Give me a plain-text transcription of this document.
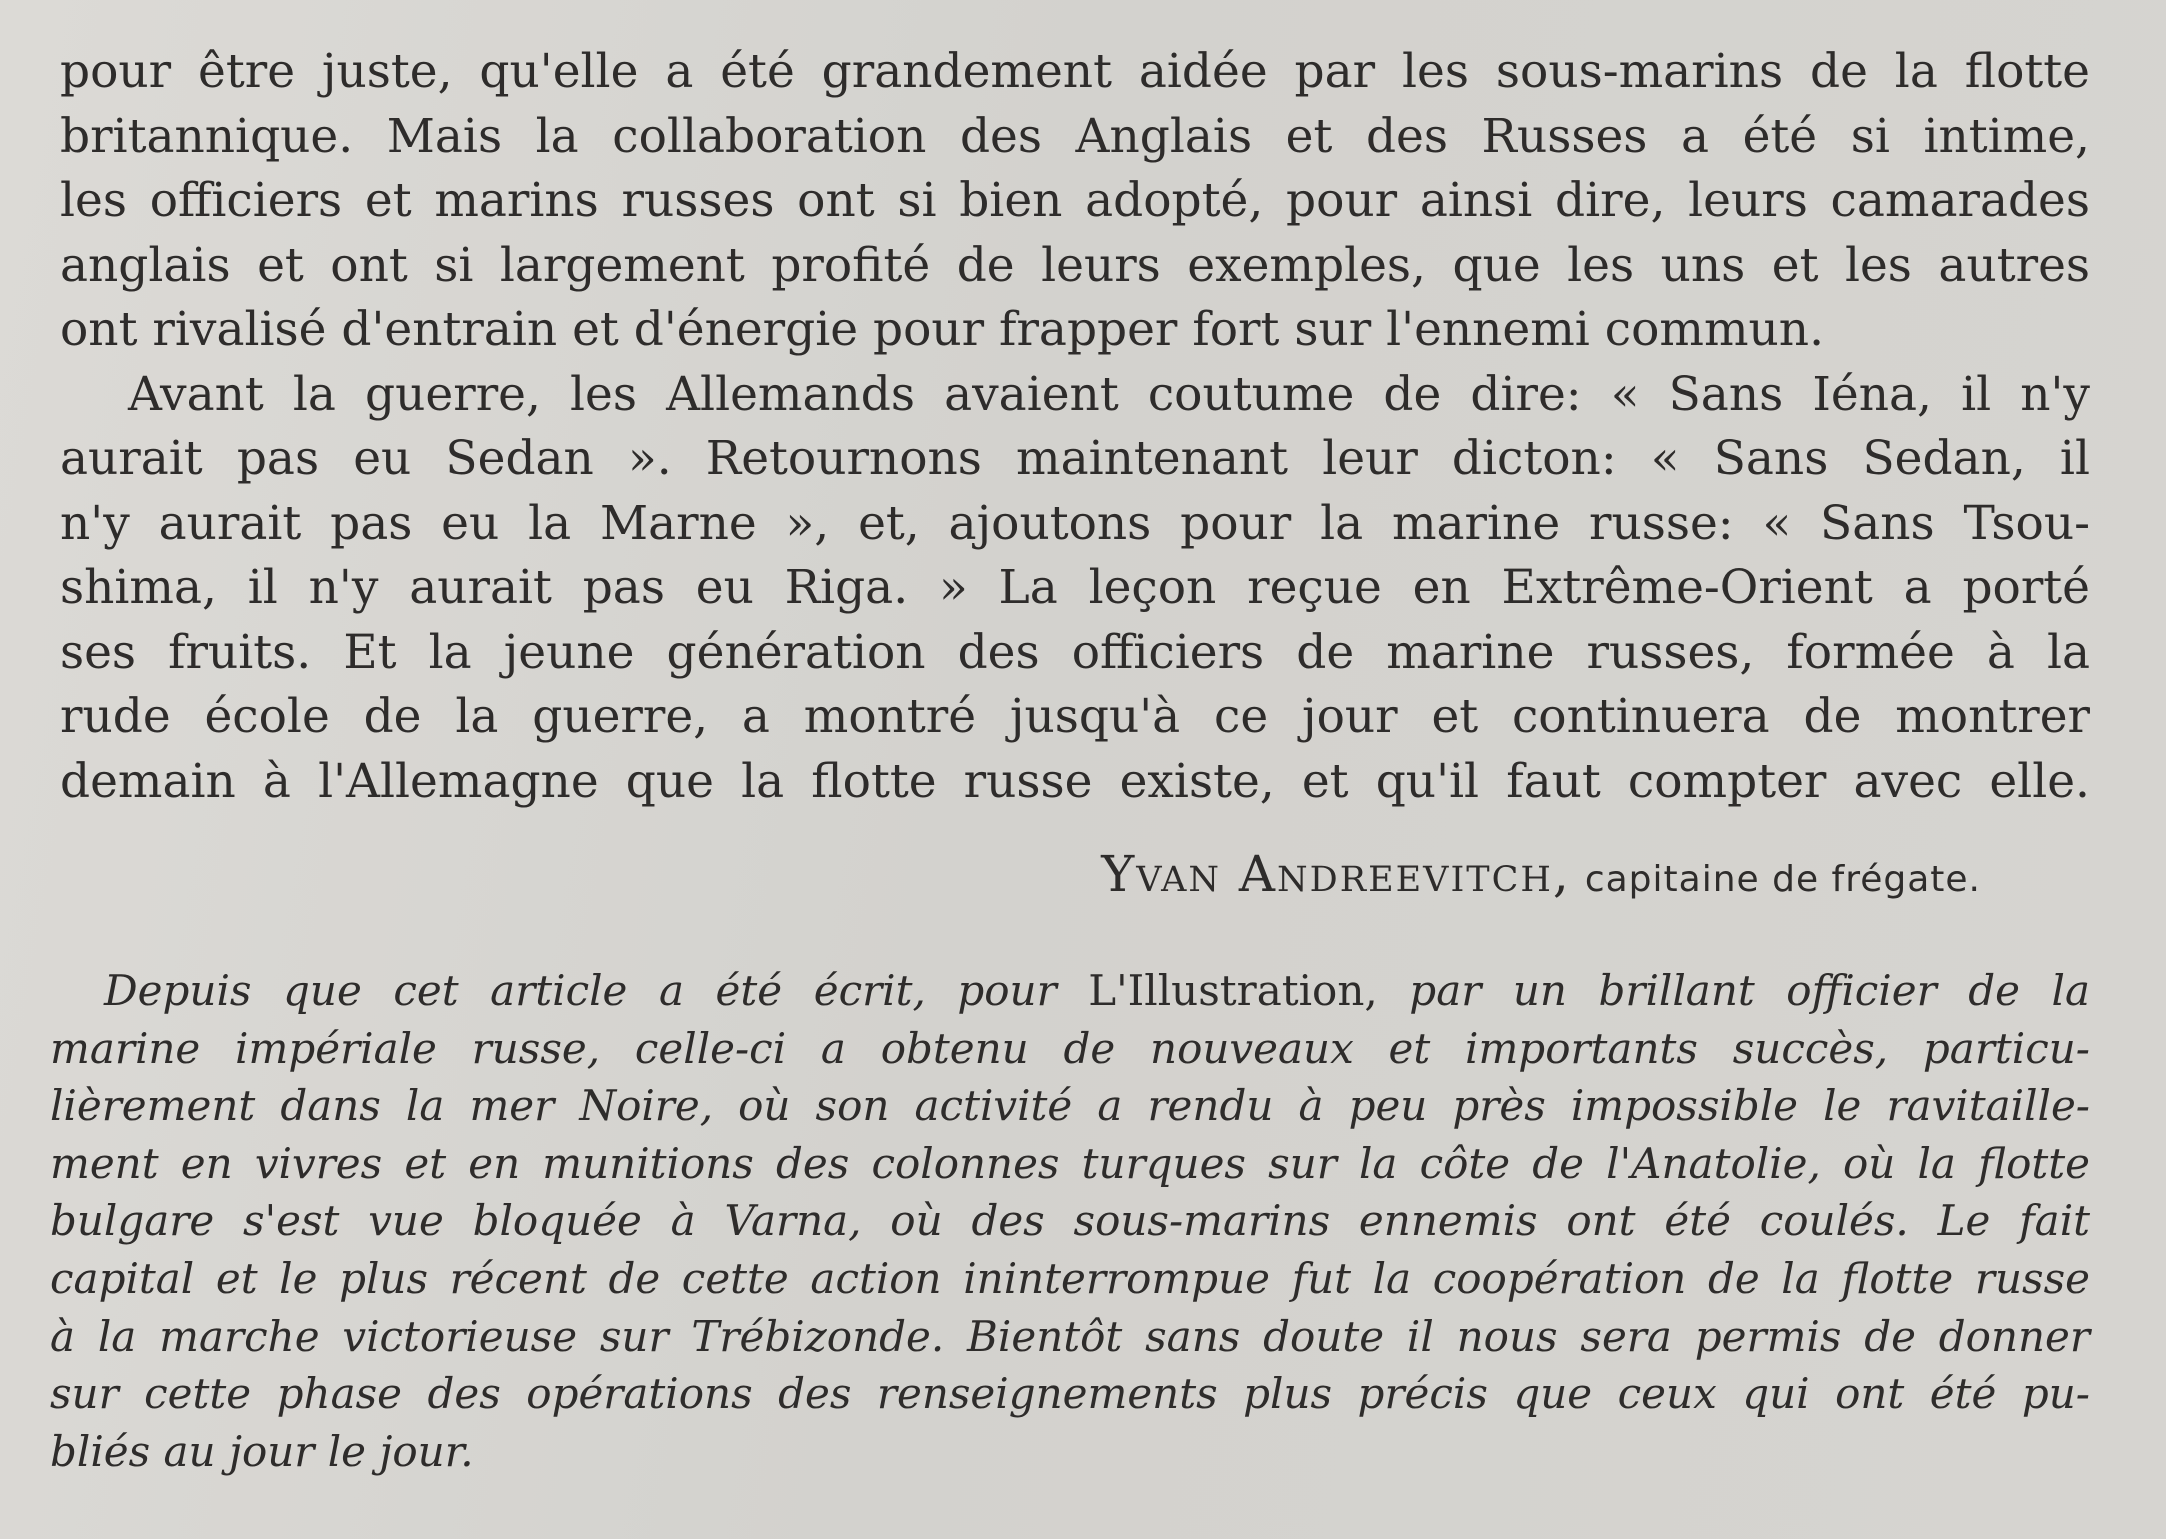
pour être juste, qu'elle a été grandement aidée par les sous-marins de la flotte
britannique. Mais la collaboration des Anglais et des Russes a été si intime,
les officiers et marins russes ont si bien adopté, pour ainsi dire, leurs camarades
anglais et ont si largement profité de leurs exemples, que les uns et les autres
ont rivalisé d'entrain et d'énergie pour frapper fort sur l'ennemi commun.
Avant la guerre, les Allemands avaient coutume de dire: « Sans Iéna, il n'y
aurait pas eu Sedan ». Retournons maintenant leur dicton: « Sans Sedan, il
n'y aurait pas eu la Marne », et, ajoutons pour la marine russe: « Sans Tsou-
shima, il n'y aurait pas eu Riga. » La leçon reçue en Extrême-Orient a porté
ses fruits. Et la jeune génération des officiers de marine russes, formée à la
rude école de la guerre, a montré jusqu'à ce jour et continuera de montrer
demain à l'Allemagne que la flotte russe existe, et qu'il faut compter avec elle.
Yvan Andreevitch, capitaine de frégate.
Depuis que cet article a été écrit, pour L'Illustration, par un brillant officier de la
marine impériale russe, celle-ci a obtenu de nouveaux et importants succès, particu-
lièrement dans la mer Noire, où son activité a rendu à peu près impossible le ravitaille-
ment en vivres et en munitions des colonnes turques sur la côte de l'Anatolie, où la flotte
bulgare s'est vue bloquée à Varna, où des sous-marins ennemis ont été coulés. Le fait
capital et le plus récent de cette action ininterrompue fut la coopération de la flotte russe
à la marche victorieuse sur Trébizonde. Bientôt sans doute il nous sera permis de donner
sur cette phase des opérations des renseignements plus précis que ceux qui ont été pu-
bliés au jour le jour.
